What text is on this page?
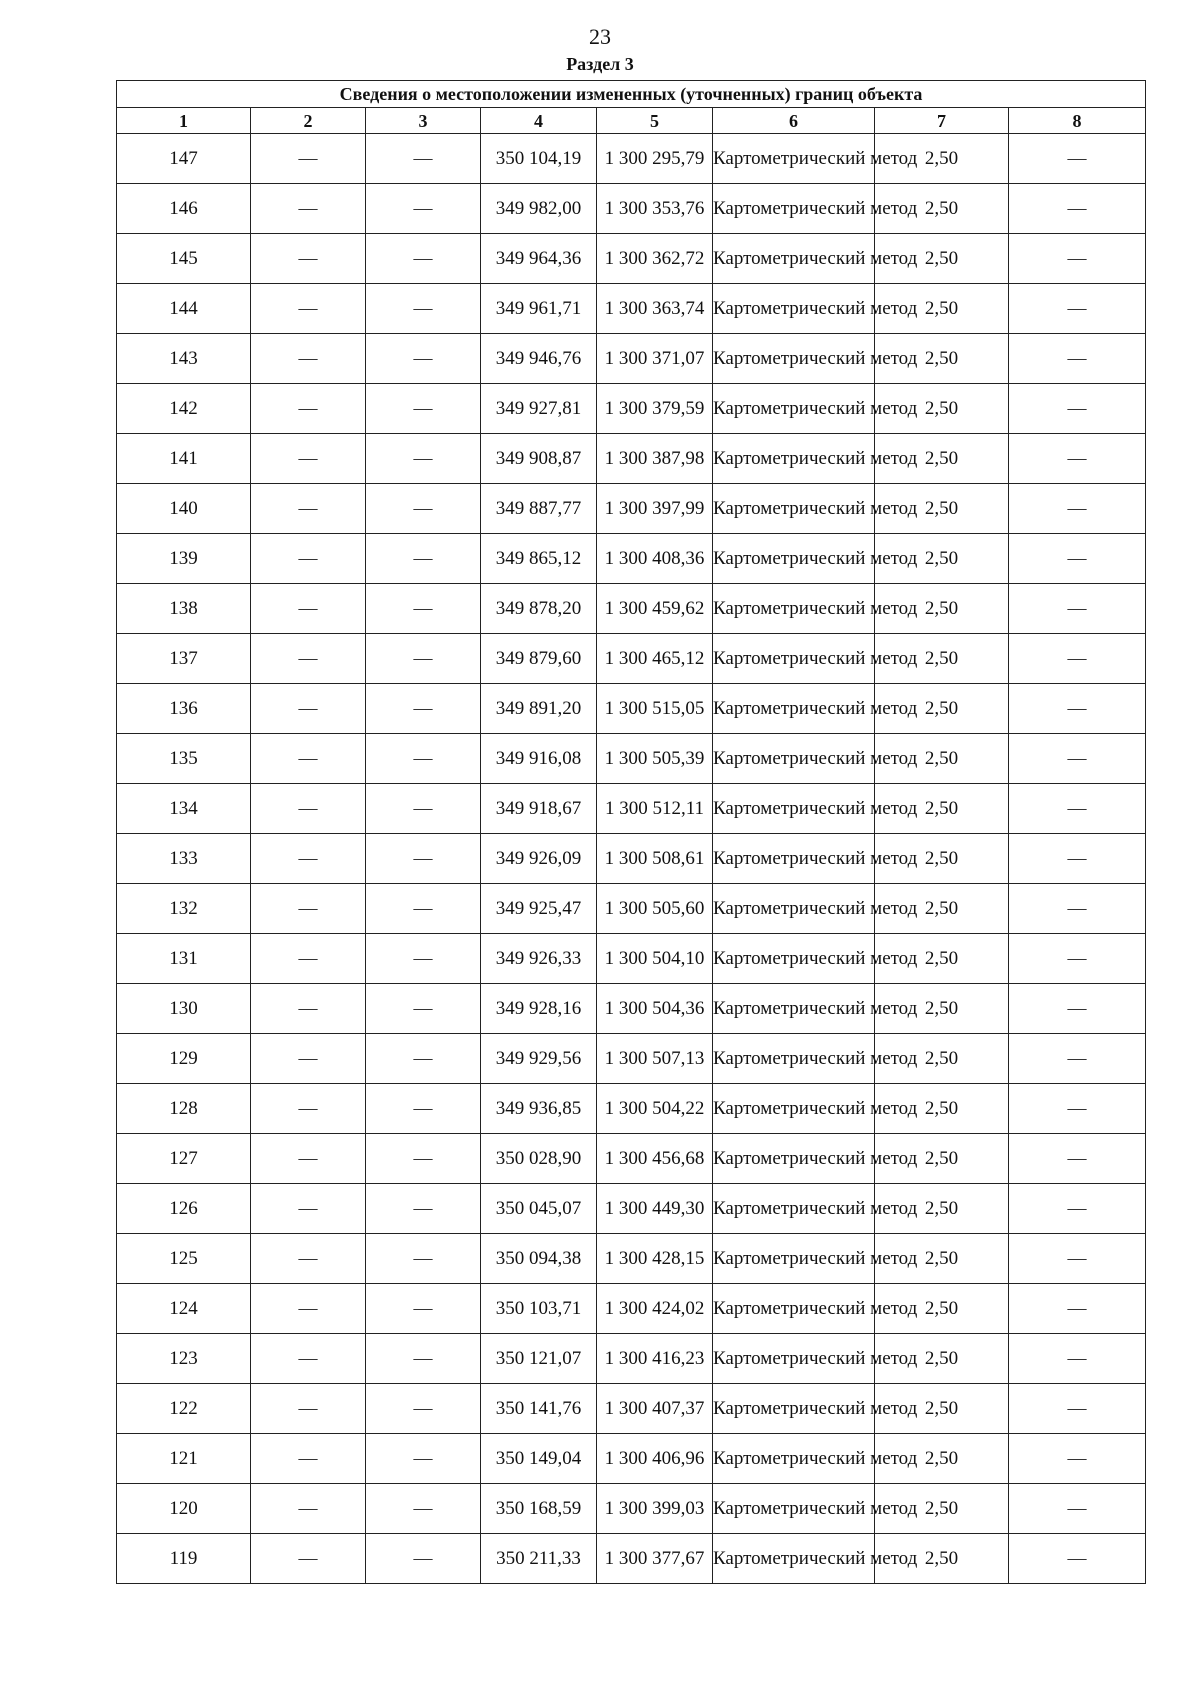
23
Раздел 3
Сведения о местоположении измененных (уточненных) границ объекта							
1	2	3	4	5	6	7	8
147	—	—	350 104,19	1 300 295,79	Картометрический метод	2,50	—
146	—	—	349 982,00	1 300 353,76	Картометрический метод	2,50	—
145	—	—	349 964,36	1 300 362,72	Картометрический метод	2,50	—
144	—	—	349 961,71	1 300 363,74	Картометрический метод	2,50	—
143	—	—	349 946,76	1 300 371,07	Картометрический метод	2,50	—
142	—	—	349 927,81	1 300 379,59	Картометрический метод	2,50	—
141	—	—	349 908,87	1 300 387,98	Картометрический метод	2,50	—
140	—	—	349 887,77	1 300 397,99	Картометрический метод	2,50	—
139	—	—	349 865,12	1 300 408,36	Картометрический метод	2,50	—
138	—	—	349 878,20	1 300 459,62	Картометрический метод	2,50	—
137	—	—	349 879,60	1 300 465,12	Картометрический метод	2,50	—
136	—	—	349 891,20	1 300 515,05	Картометрический метод	2,50	—
135	—	—	349 916,08	1 300 505,39	Картометрический метод	2,50	—
134	—	—	349 918,67	1 300 512,11	Картометрический метод	2,50	—
133	—	—	349 926,09	1 300 508,61	Картометрический метод	2,50	—
132	—	—	349 925,47	1 300 505,60	Картометрический метод	2,50	—
131	—	—	349 926,33	1 300 504,10	Картометрический метод	2,50	—
130	—	—	349 928,16	1 300 504,36	Картометрический метод	2,50	—
129	—	—	349 929,56	1 300 507,13	Картометрический метод	2,50	—
128	—	—	349 936,85	1 300 504,22	Картометрический метод	2,50	—
127	—	—	350 028,90	1 300 456,68	Картометрический метод	2,50	—
126	—	—	350 045,07	1 300 449,30	Картометрический метод	2,50	—
125	—	—	350 094,38	1 300 428,15	Картометрический метод	2,50	—
124	—	—	350 103,71	1 300 424,02	Картометрический метод	2,50	—
123	—	—	350 121,07	1 300 416,23	Картометрический метод	2,50	—
122	—	—	350 141,76	1 300 407,37	Картометрический метод	2,50	—
121	—	—	350 149,04	1 300 406,96	Картометрический метод	2,50	—
120	—	—	350 168,59	1 300 399,03	Картометрический метод	2,50	—
119	—	—	350 211,33	1 300 377,67	Картометрический метод	2,50	—
